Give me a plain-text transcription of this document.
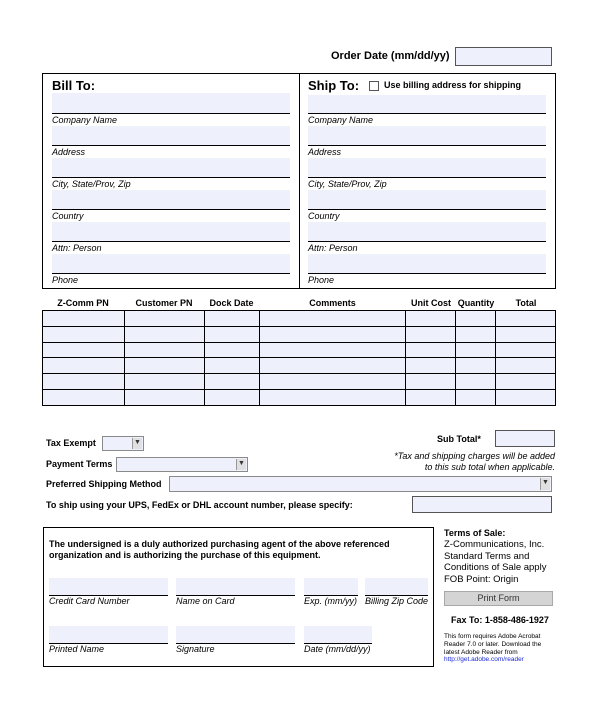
Order Date (mm/dd/yy)
Bill To:
Company Name
Address
City, State/Prov, Zip
Country
Attn: Person
Phone
Ship To:	Use billing address for shipping
Company Name
Address
City, State/Prov, Zip
Country
Attn: Person
Phone
Z-Comm PN	Customer PN	Dock Date	Comments	Unit Cost Quantity	Total

Sub Total*
*Tax and shipping charges will be added
to this sub total when applicable.
Tax Exempt	▼
Payment Terms	▼
Preferred Shipping Method	▼
To ship using your UPS, FedEx or DHL account number, please specify:
The undersigned is a duly authorized purchasing agent of the above referenced
organization and is authorizing the purchase of this equipment.
Credit Card Number	Name on Card	Exp. (mm/yy) Billing Zip Code
Printed Name	Signature	Date (mm/dd/yy)
Terms of Sale:
Z-Communications, Inc.
Standard Terms and
Conditions of Sale apply
FOB Point: Origin
Print Form
Fax To: 1-858-486-1927
This form requires Adobe Acrobat
Reader 7.0 or later. Download the
latest Adobe Reader from
http://get.adobe.com/reader
